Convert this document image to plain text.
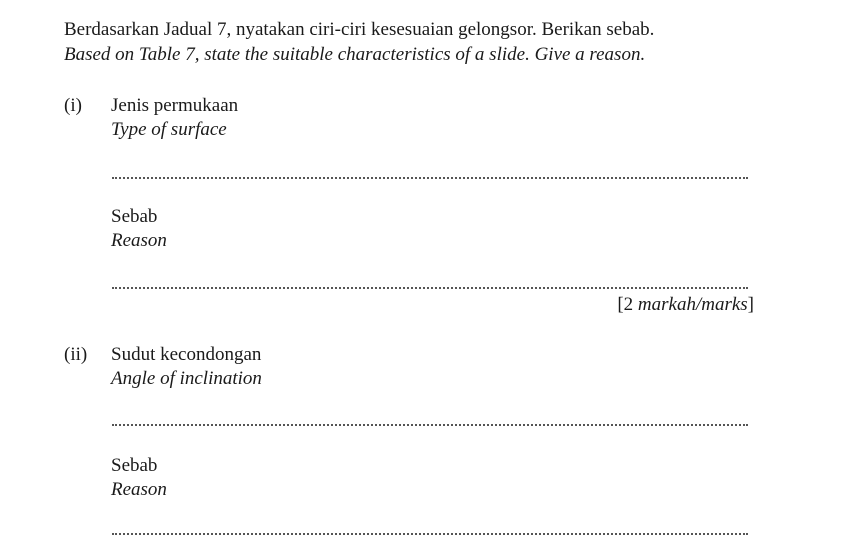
Berdasarkan Jadual 7, nyatakan ciri-ciri kesesuaian gelongsor. Berikan sebab.
Based on Table 7, state the suitable characteristics of a slide. Give a reason.
(i) Jenis permukaan
Type of surface
Sebab
Reason
[2 markah/marks]
(ii) Sudut kecondongan
Angle of inclination
Sebab
Reason
